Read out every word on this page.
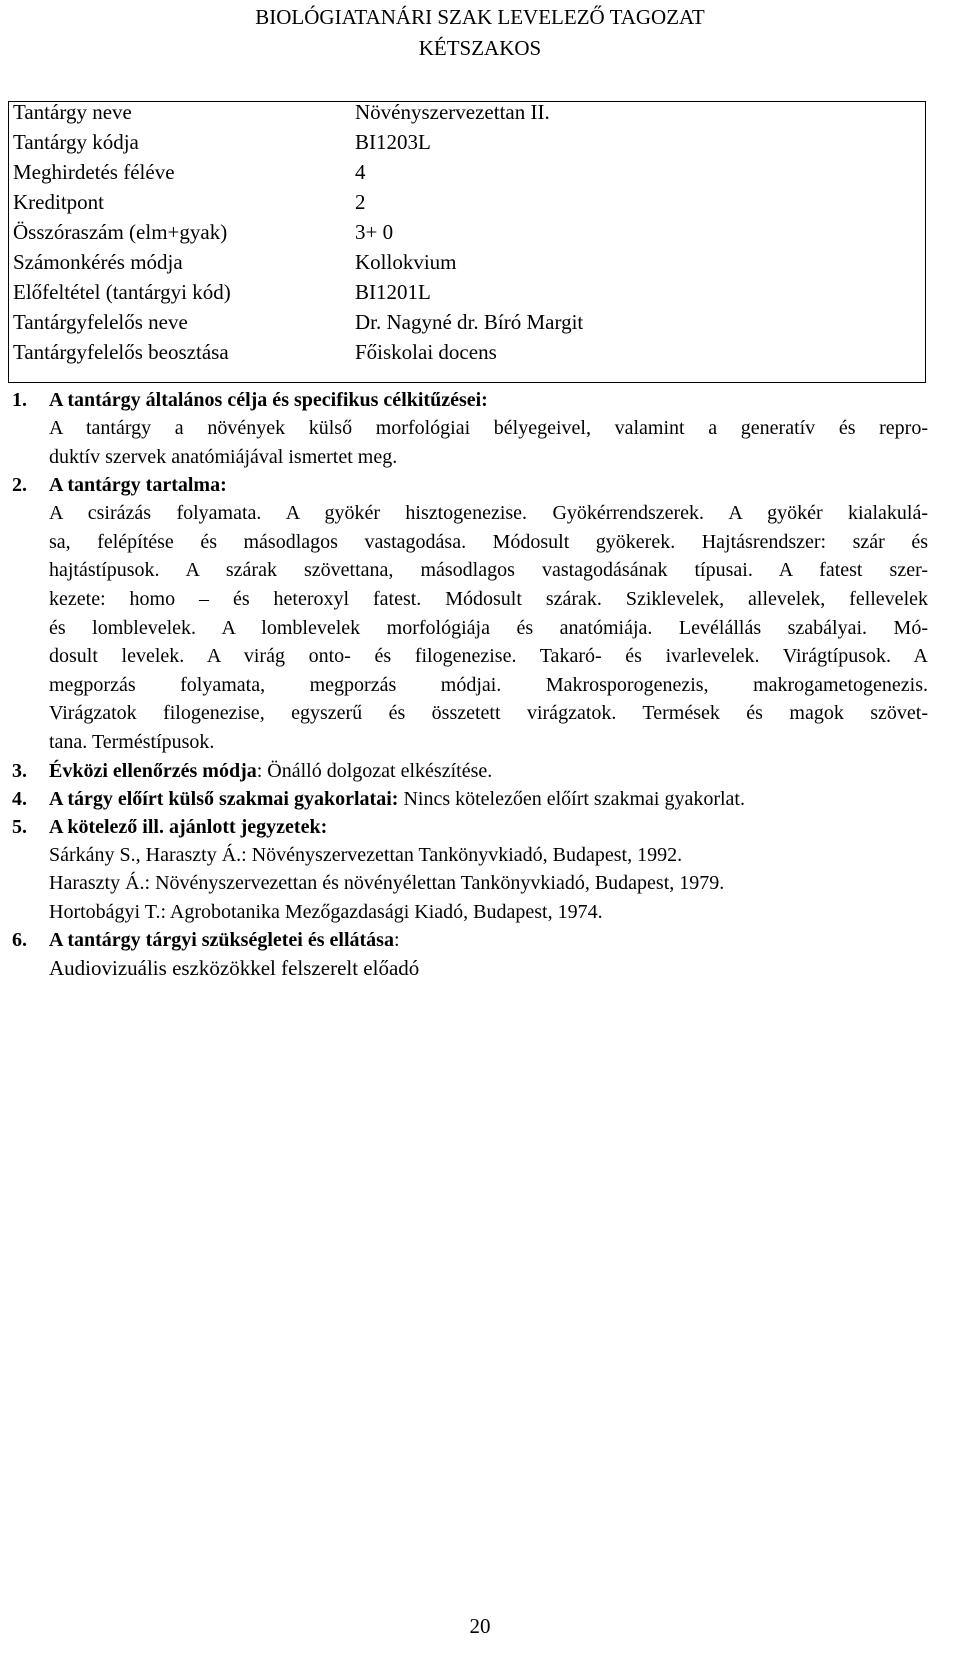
BIOLÓGIATANÁRI SZAK LEVELEZŐ TAGOZAT
KÉTSZAKOS
Tantárgy neve	Növényszervezettan II.
Tantárgy kódja	BI1203L
Meghirdetés féléve	4
Kreditpont	2
Összóraszám (elm+gyak)	3+ 0
Számonkérés módja	Kollokvium
Előfeltétel (tantárgyi kód)	BI1201L
Tantárgyfelelős neve	Dr. Nagyné dr. Bíró Margit
Tantárgyfelelős beosztása	Főiskolai docens
1. A tantárgy általános célja és specifikus célkitűzései:
A tantárgy a növények külső morfológiai bélyegeivel, valamint a generatív és repro-
duktív szervek anatómiájával ismertet meg.
2. A tantárgy tartalma:
A csirázás folyamata. A gyökér hisztogenezise. Gyökérrendszerek. A gyökér kialakulá-
sa, felépítése és másodlagos vastagodása. Módosult gyökerek. Hajtásrendszer: szár és
hajtástípusok. A szárak szövettana, másodlagos vastagodásának típusai. A fatest szer-
kezete: homo – és heteroxyl fatest. Módosult szárak. Sziklevelek, allevelek, fellevelek
és lomblevelek. A lomblevelek morfológiája és anatómiája. Levélállás szabályai. Mó-
dosult levelek. A virág onto- és filogenezise. Takaró- és ivarlevelek. Virágtípusok. A
megporzás folyamata, megporzás módjai. Makrosporogenezis, makrogametogenezis.
Virágzatok filogenezise, egyszerű és összetett virágzatok. Termések és magok szövet-
tana. Terméstípusok.
3. Évközi ellenőrzés módja: Önálló dolgozat elkészítése.
4. A tárgy előírt külső szakmai gyakorlatai: Nincs kötelezően előírt szakmai gyakorlat.
5. A kötelező ill. ajánlott jegyzetek:
Sárkány S., Haraszty Á.: Növényszervezettan Tankönyvkiadó, Budapest, 1992.
Haraszty Á.: Növényszervezettan és növényélettan Tankönyvkiadó, Budapest, 1979.
Hortobágyi T.: Agrobotanika Mezőgazdasági Kiadó, Budapest, 1974.
6. A tantárgy tárgyi szükségletei és ellátása:
Audiovizuális eszközökkel felszerelt előadó
20
